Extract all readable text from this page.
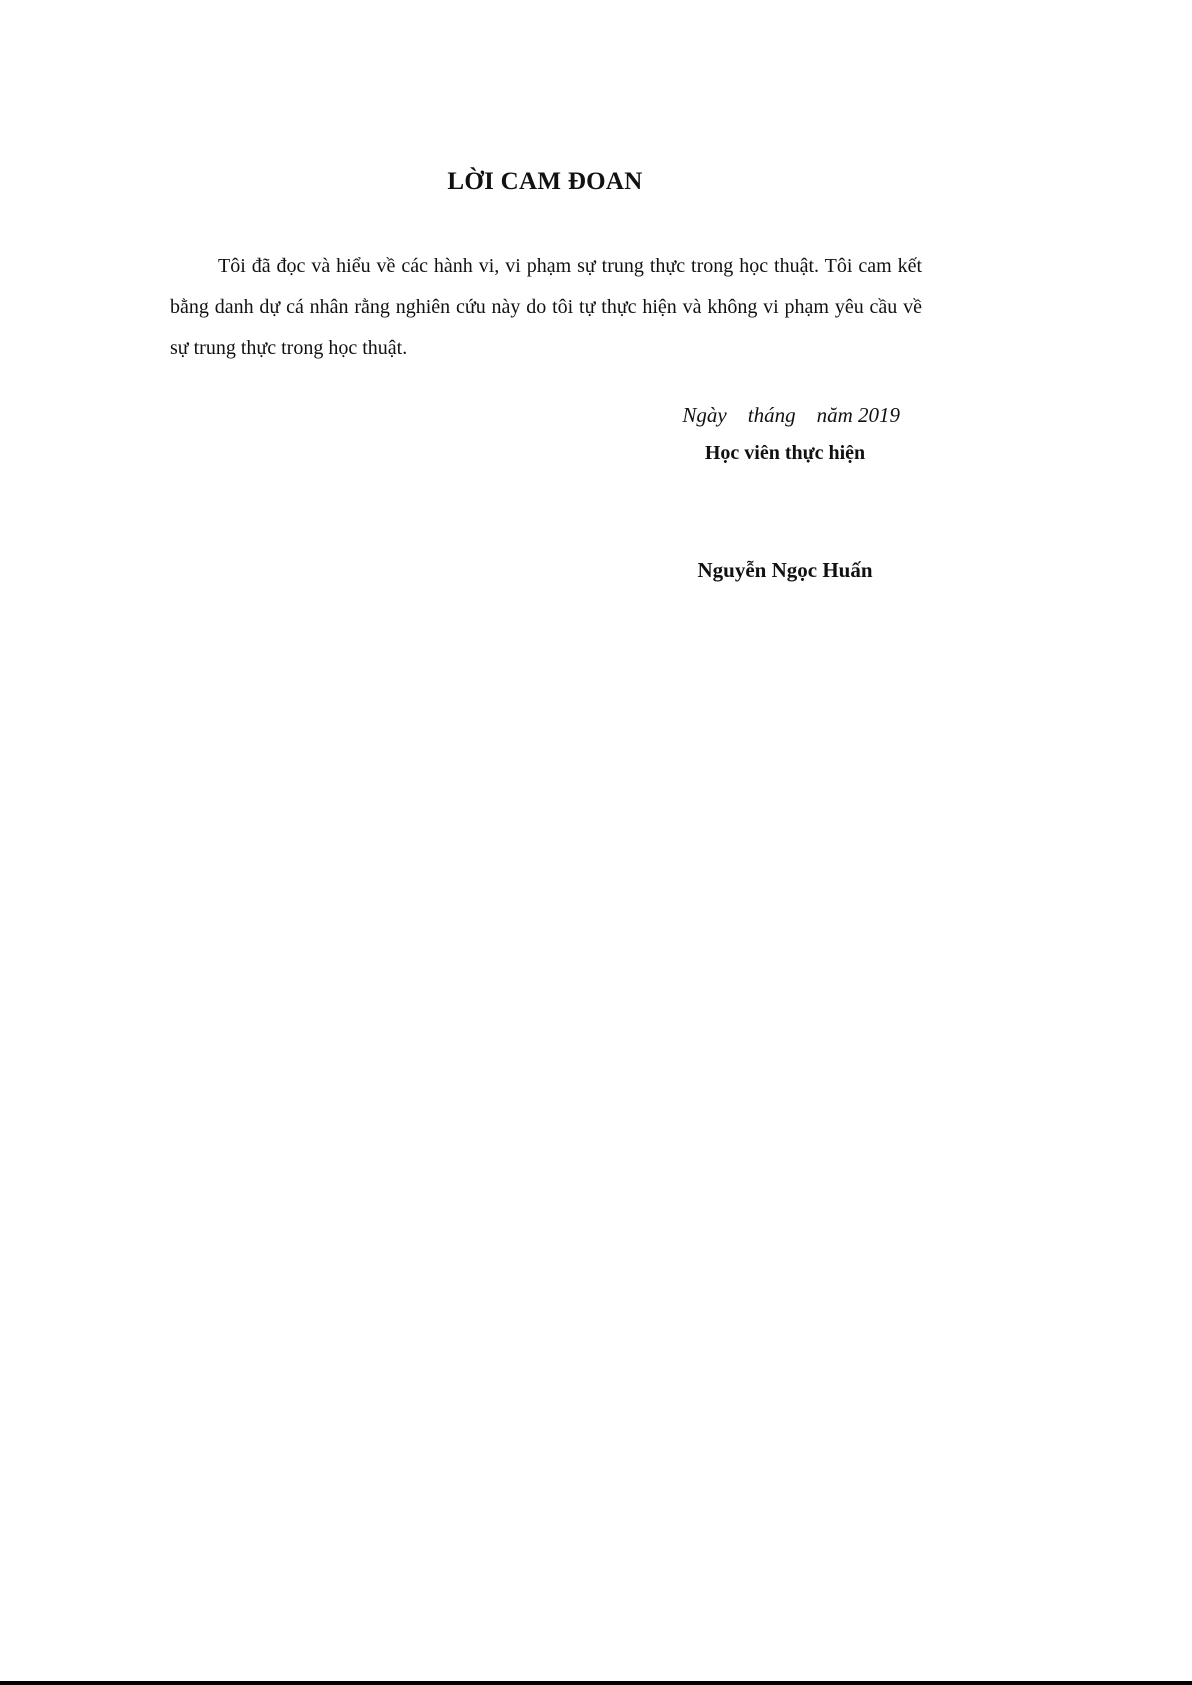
LỜI CAM ĐOAN

Tôi đã đọc và hiểu về các hành vi, vi phạm sự trung thực trong học thuật. Tôi cam kết bằng danh dự cá nhân rằng nghiên cứu này do tôi tự thực hiện và không vi phạm yêu cầu về sự trung thực trong học thuật.

Ngày    tháng    năm 2019
Học viên thực hiện
Nguyễn Ngọc Huấn
